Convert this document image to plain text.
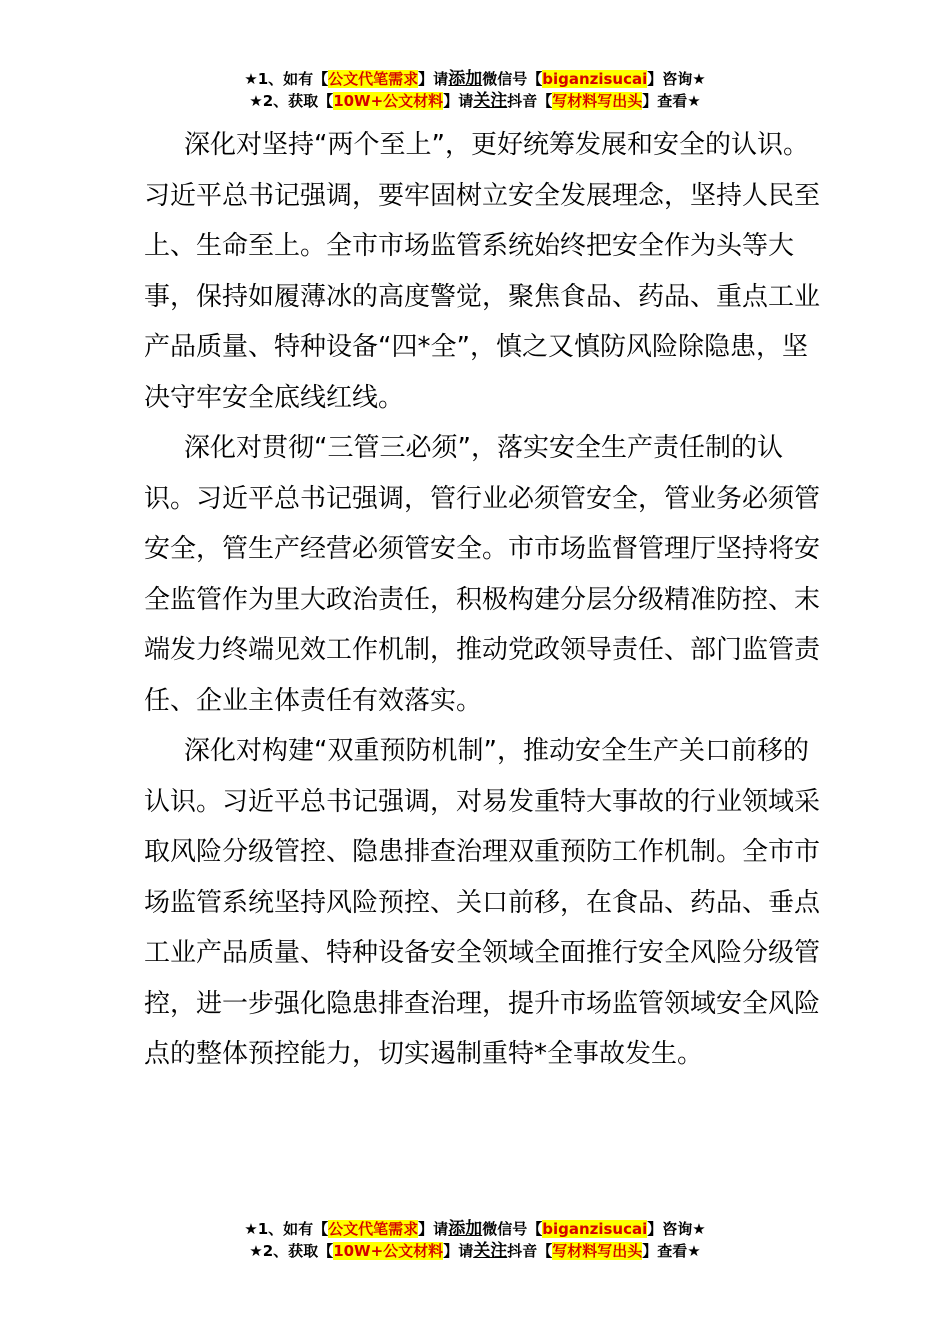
★1、如有【公文代笔需求】请添加微信号【biganzisucai】咨询★
★2、获取【10W+公文材料】请关注抖音【写材料写出头】查看★

深化对坚持“两个至上”，更好统筹发展和安全的认识。习近平总书记强调，要牢固树立安全发展理念，坚持人民至上、生命至上。全市市场监管系统始终把安全作为头等大事，保持如履薄冰的高度警觉，聚焦食品、药品、重点工业产品质量、特种设备“四*全”，慎之又慎防风险除隐患，坚决守牢安全底线红线。

深化对贯彻“三管三必须”，落实安全生产责任制的认识。习近平总书记强调，管行业必须管安全，管业务必须管安全，管生产经营必须管安全。市市场监督管理厅坚持将安全监管作为里大政治责任，积极构建分层分级精准防控、末端发力终端见效工作机制，推动党政领导责任、部门监管责任、企业主体责任有效落实。

深化对构建“双重预防机制”，推动安全生产关口前移的认识。习近平总书记强调，对易发重特大事故的行业领域采取风险分级管控、隐患排查治理双重预防工作机制。全市市场监管系统坚持风险预控、关口前移，在食品、药品、垂点工业产品质量、特种设备安全领域全面推行安全风险分级管控，进一步强化隐患排查治理，提升市场监管领域安全风险点的整体预控能力，切实遏制重特*全事故发生。

★1、如有【公文代笔需求】请添加微信号【biganzisucai】咨询★
★2、获取【10W+公文材料】请关注抖音【写材料写出头】查看★
